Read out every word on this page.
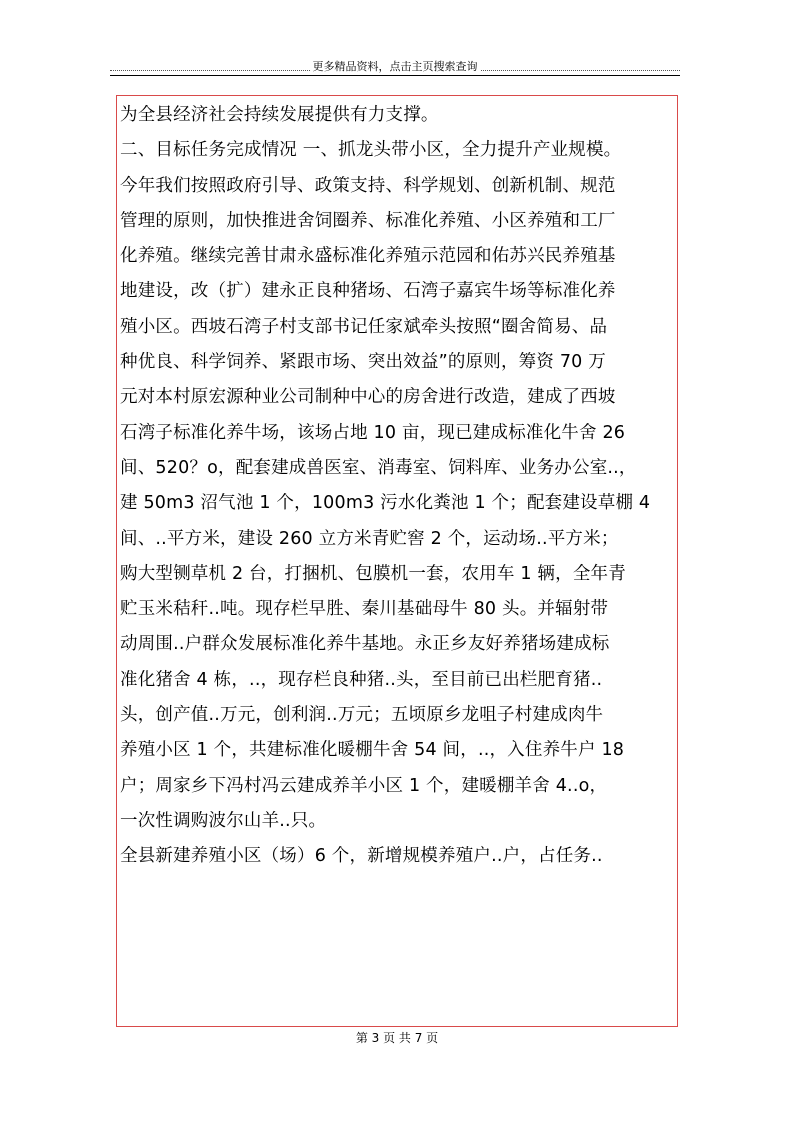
更多精品资料，点击主页搜索查询
为全县经济社会持续发展提供有力支撑。
二、目标任务完成情况 一、抓龙头带小区，全力提升产业规模。
今年我们按照政府引导、政策支持、科学规划、创新机制、规范
管理的原则，加快推进舍饲圈养、标准化养殖、小区养殖和工厂
化养殖。继续完善甘肃永盛标准化养殖示范园和佑苏兴民养殖基
地建设，改（扩）建永正良种猪场、石湾子嘉宾牛场等标准化养
殖小区。西坡石湾子村支部书记任家斌牵头按照“圈舍简易、品
种优良、科学饲养、紧跟市场、突出效益”的原则，筹资 70 万
元对本村原宏源种业公司制种中心的房舍进行改造，建成了西坡
石湾子标准化养牛场，该场占地 10 亩，现已建成标准化牛舍 26
间、520？o，配套建成兽医室、消毒室、饲料库、业务办公室..，
建 50m3 沼气池 1 个，100m3 污水化粪池 1 个；配套建设草棚 4
间、..平方米，建设 260 立方米青贮窖 2 个，运动场..平方米；
购大型铡草机 2 台，打捆机、包膜机一套，农用车 1 辆，全年青
贮玉米秸秆..吨。现存栏早胜、秦川基础母牛 80 头。并辐射带
动周围..户群众发展标准化养牛基地。永正乡友好养猪场建成标
准化猪舍 4 栋，..，现存栏良种猪..头，至目前已出栏肥育猪..
头，创产值..万元，创利润..万元；五顷原乡龙咀子村建成肉牛
养殖小区 1 个，共建标准化暖棚牛舍 54 间，..，入住养牛户 18
户；周家乡下冯村冯云建成养羊小区 1 个，建暖棚羊舍 4..o，
一次性调购波尔山羊..只。
全县新建养殖小区（场）6 个，新增规模养殖户..户，占任务..
第 3 页 共 7 页
